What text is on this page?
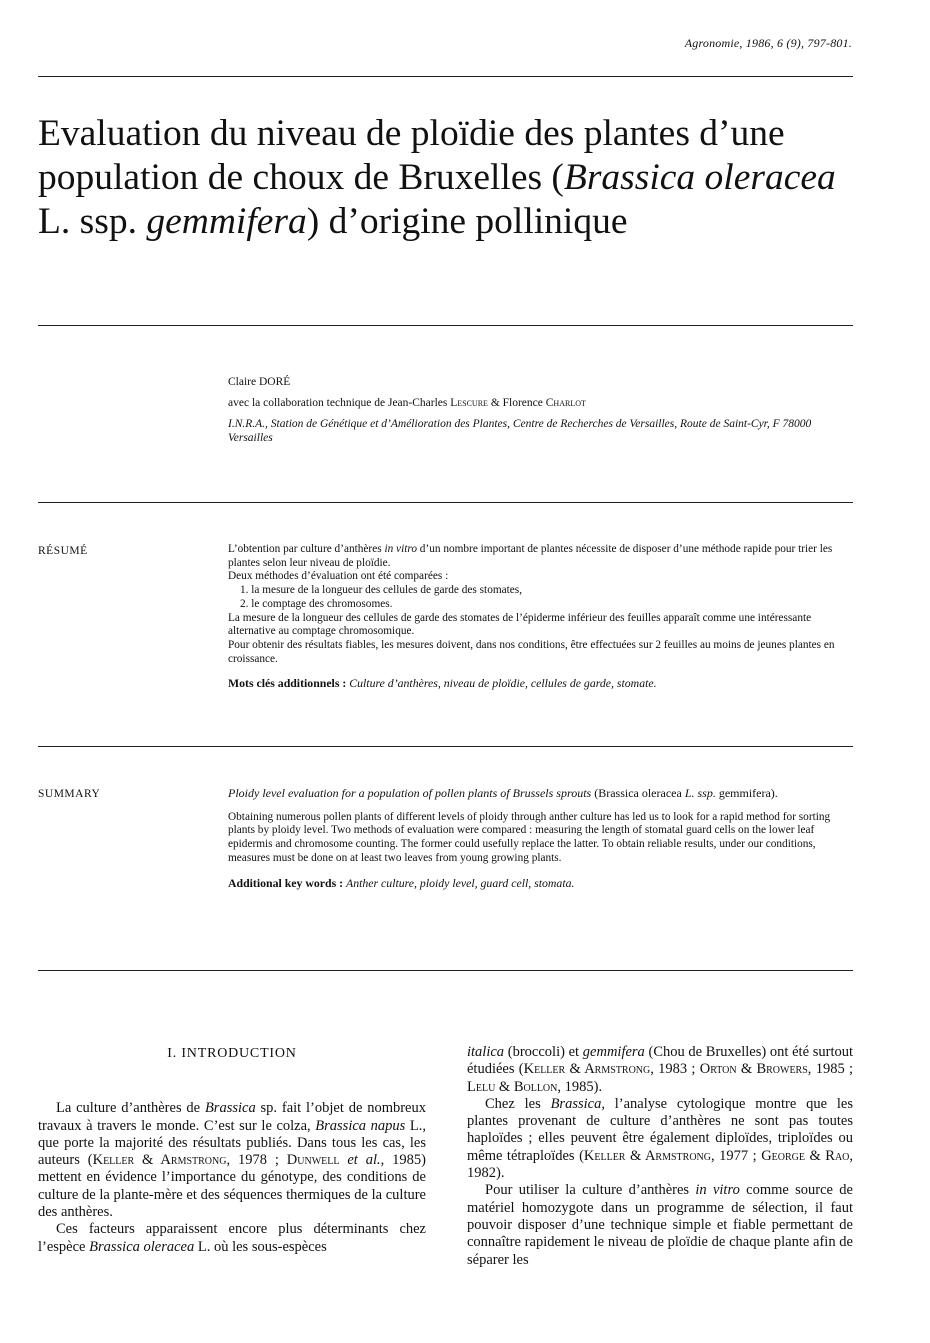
Agronomie, 1986, 6 (9), 797-801.
Evaluation du niveau de ploïdie des plantes d’une population de choux de Bruxelles (Brassica oleracea L. ssp. gemmifera) d’origine pollinique

Claire DORÉ

avec la collaboration technique de Jean-Charles Lescure & Florence Charlot

I.N.R.A., Station de Génétique et d’Amélioration des Plantes, Centre de Recherches de Versailles, Route de Saint-Cyr, F 78000 Versailles

RÉSUMÉ	L’obtention par culture d’anthères in vitro d’un nombre important de plantes nécessite de disposer d’une méthode rapide pour trier les plantes selon leur niveau de ploïdie.

Deux méthodes d’évaluation ont été comparées :

1. la mesure de la longueur des cellules de garde des stomates,

2. le comptage des chromosomes.

La mesure de la longueur des cellules de garde des stomates de l’épiderme inférieur des feuilles apparaît comme une intéressante alternative au comptage chromosomique.

Pour obtenir des résultats fiables, les mesures doivent, dans nos conditions, être effectuées sur 2 feuilles au moins de jeunes plantes en croissance.

Mots clés additionnels : Culture d’anthères, niveau de ploïdie, cellules de garde, stomate.

SUMMARY	Ploidy level evaluation for a population of pollen plants of Brussels sprouts (Brassica oleracea L. ssp. gemmifera).

Obtaining numerous pollen plants of different levels of ploidy through anther culture has led us to look for a rapid method for sorting plants by ploidy level. Two methods of evaluation were compared : measuring the length of stomatal guard cells on the lower leaf epidermis and chromosome counting. The former could usefully replace the latter. To obtain reliable results, under our conditions, measures must be done on at least two leaves from young growing plants.

Additional key words : Anther culture, ploidy level, guard cell, stomata.

I. INTRODUCTION

La culture d’anthères de Brassica sp. fait l’objet de nombreux travaux à travers le monde. C’est sur le colza, Brassica napus L., que porte la majorité des résultats publiés. Dans tous les cas, les auteurs (Keller & Armstrong, 1978 ; Dunwell et al., 1985) mettent en évidence l’importance du génotype, des conditions de culture de la plante-mère et des séquences thermiques de la culture des anthères.

Ces facteurs apparaissent encore plus déterminants chez l’espèce Brassica oleracea L. où les sous-espèces

italica (broccoli) et gemmifera (Chou de Bruxelles) ont été surtout étudiées (Keller & Armstrong, 1983 ; Orton & Browers, 1985 ; Lelu & Bollon, 1985).

Chez les Brassica, l’analyse cytologique montre que les plantes provenant de culture d’anthères ne sont pas toutes haploïdes ; elles peuvent être également diploïdes, triploïdes ou même tétraploïdes (Keller & Armstrong, 1977 ; George & Rao, 1982).

Pour utiliser la culture d’anthères in vitro comme source de matériel homozygote dans un programme de sélection, il faut pouvoir disposer d’une technique simple et fiable permettant de connaître rapidement le niveau de ploïdie de chaque plante afin de séparer les
